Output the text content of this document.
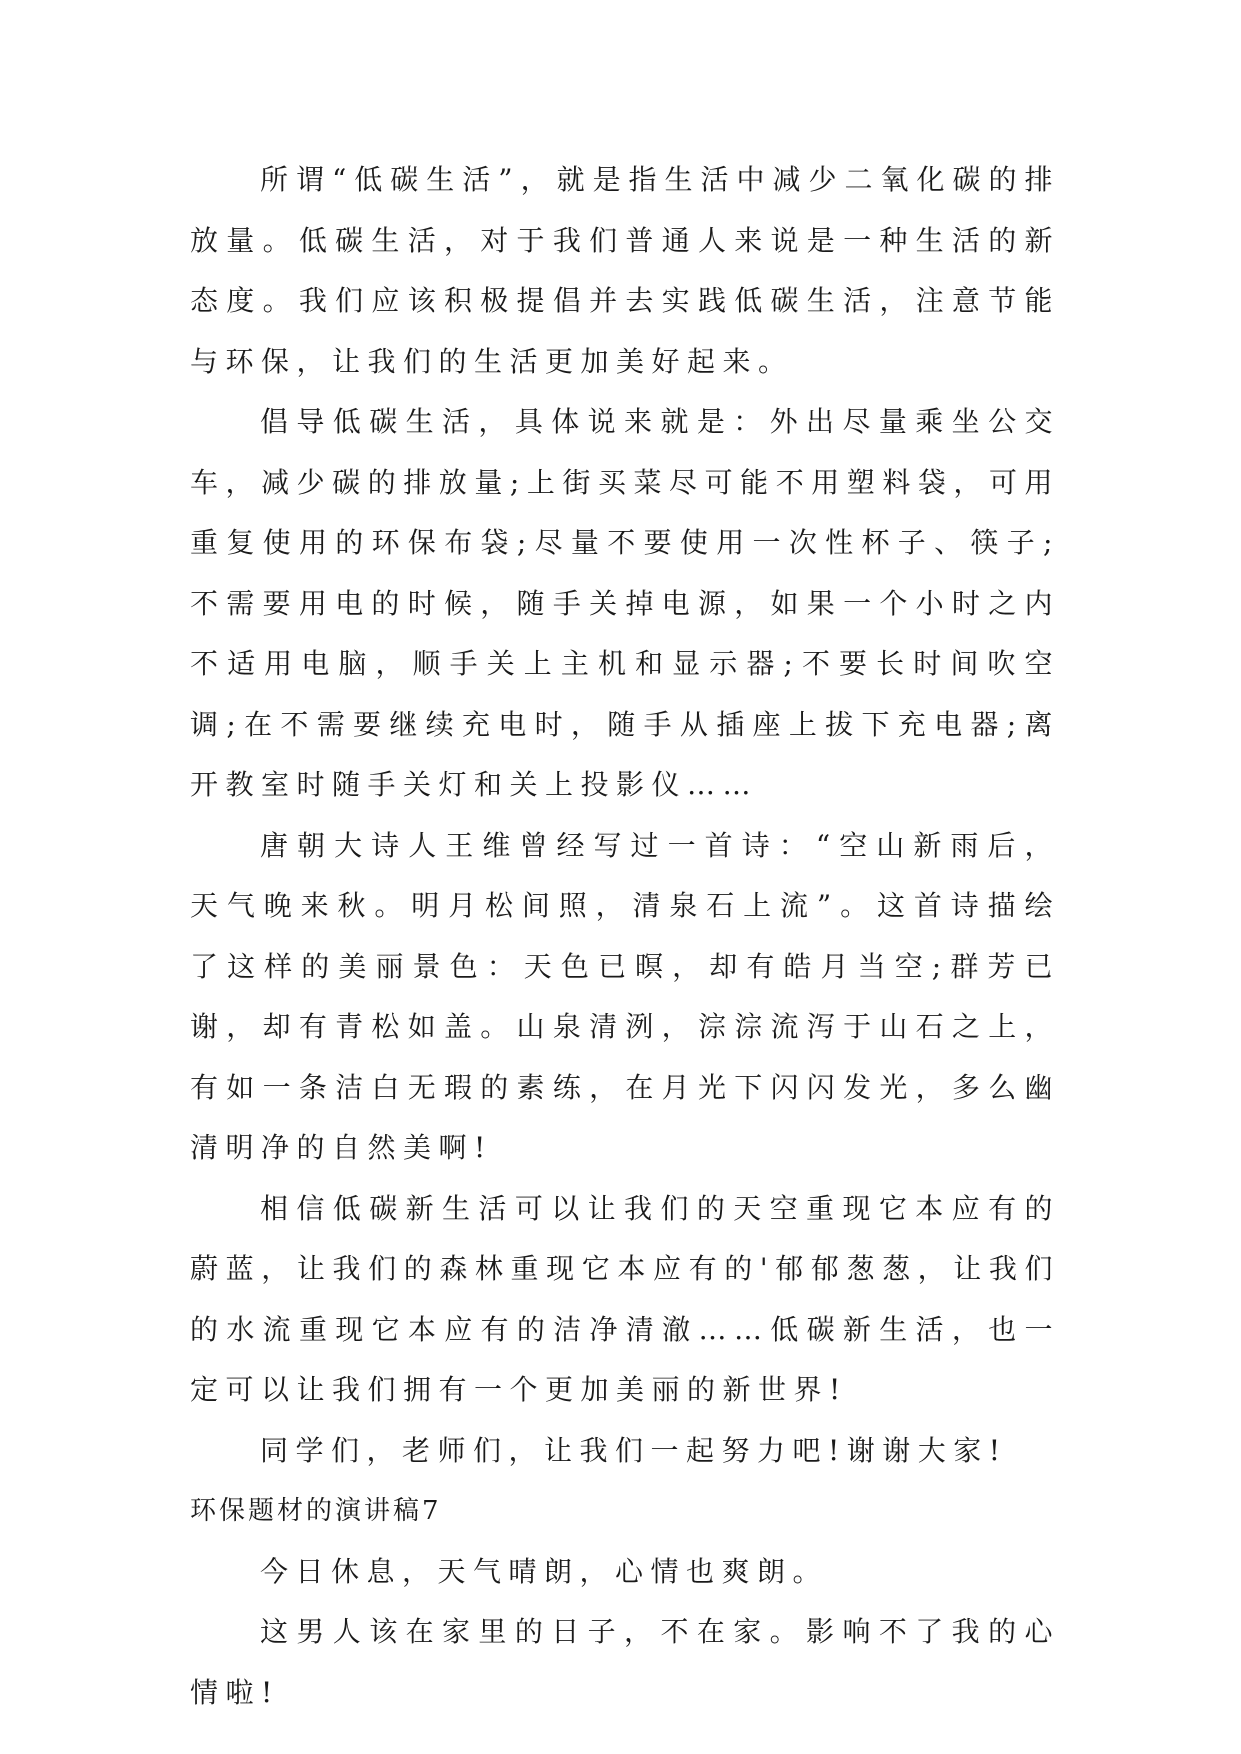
所谓“低碳生活”，就是指生活中减少二氧化碳的排放量。低碳生活，对于我们普通人来说是一种生活的新态度。我们应该积极提倡并去实践低碳生活，注意节能与环保，让我们的生活更加美好起来。

倡导低碳生活，具体说来就是：外出尽量乘坐公交车，减少碳的排放量;上街买菜尽可能不用塑料袋，可用重复使用的环保布袋;尽量不要使用一次性杯子、筷子;不需要用电的时候，随手关掉电源，如果一个小时之内不适用电脑，顺手关上主机和显示器;不要长时间吹空调;在不需要继续充电时，随手从插座上拔下充电器;离开教室时随手关灯和关上投影仪……

唐朝大诗人王维曾经写过一首诗：“空山新雨后，天气晚来秋。明月松间照，清泉石上流”。这首诗描绘了这样的美丽景色：天色已暝，却有皓月当空;群芳已谢，却有青松如盖。山泉清洌，淙淙流泻于山石之上，有如一条洁白无瑕的素练，在月光下闪闪发光，多么幽清明净的自然美啊!

相信低碳新生活可以让我们的天空重现它本应有的蔚蓝，让我们的森林重现它本应有的'郁郁葱葱，让我们的水流重现它本应有的洁净清澈……低碳新生活，也一定可以让我们拥有一个更加美丽的新世界!

同学们，老师们，让我们一起努力吧!谢谢大家!

环保题材的演讲稿7

今日休息，天气晴朗，心情也爽朗。

这男人该在家里的日子，不在家。影响不了我的心情啦!
